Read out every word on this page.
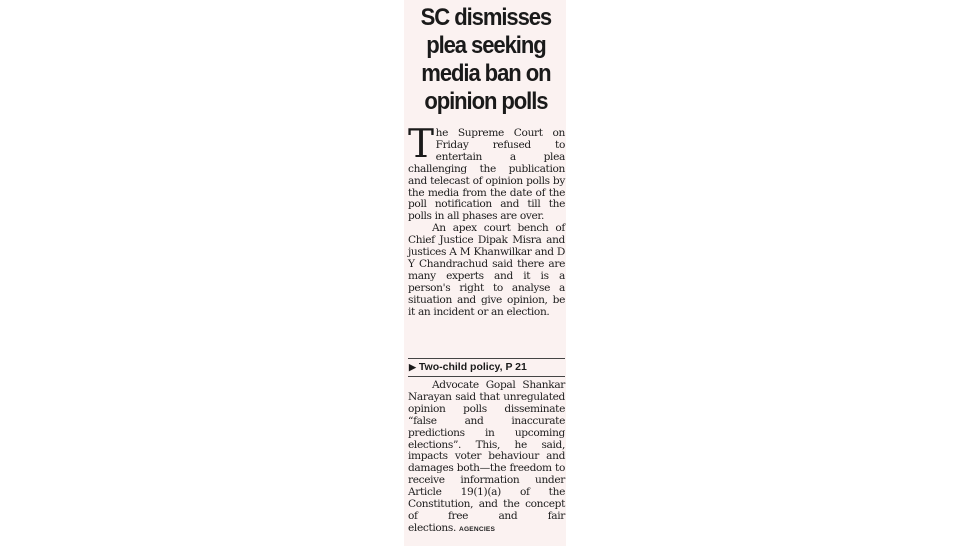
SC dismisses plea seeking media ban on opinion polls

The Supreme Court on Friday refused to entertain a plea challenging the publication and telecast of opinion polls by the media from the date of the poll notification and till the polls in all phases are over.

An apex court bench of Chief Justice Dipak Misra and justices A M Khanwilkar and D Y Chandrachud said there are many experts and it is a person's right to analyse a situation and give opinion, be it an incident or an election.

▶ Two-child policy, P 21

Advocate Gopal Shankar Narayan said that unregulated opinion polls disseminate “false and inaccurate predictions in upcoming elections”. This, he said, impacts voter behaviour and damages both—the freedom to receive information under Article 19(1)(a) of the Constitution, and the concept of free and fair elections. AGENCIES
